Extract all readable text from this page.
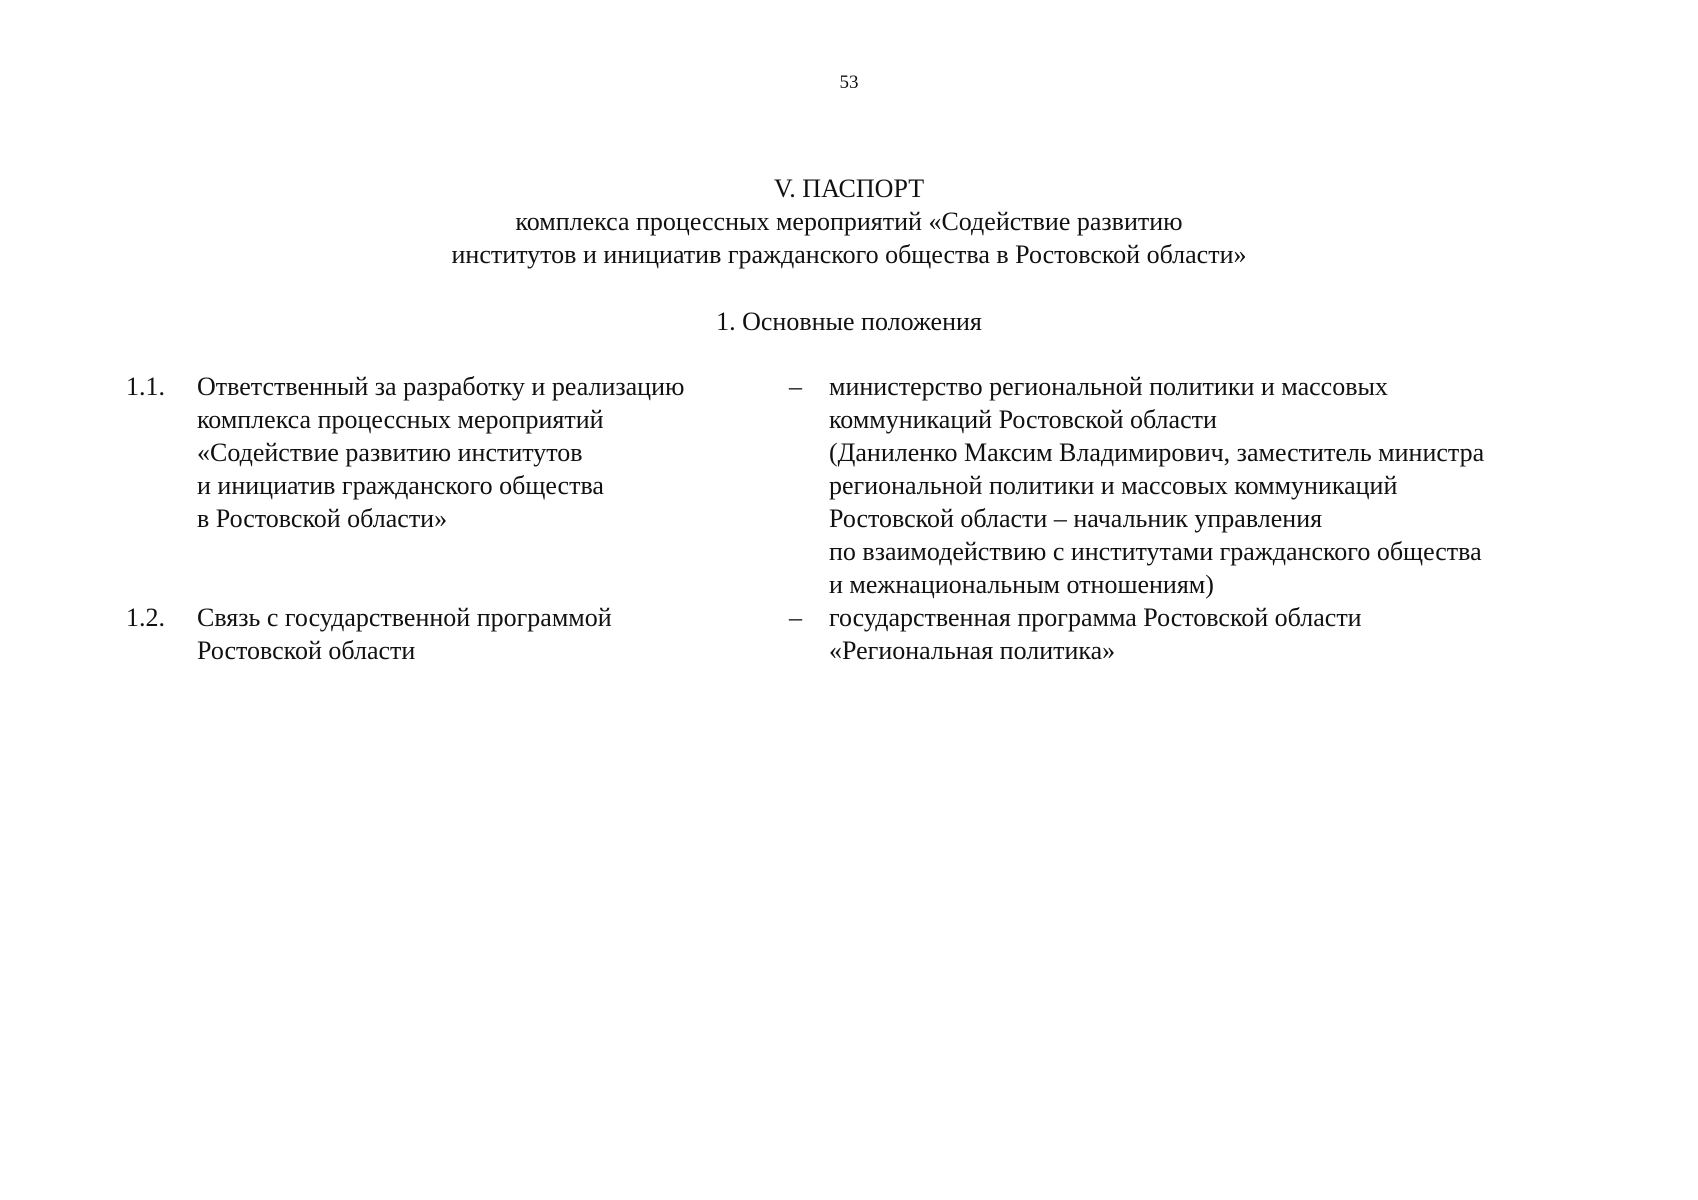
53
V. ПАСПОРТ
комплекса процессных мероприятий «Содействие развитию
институтов и инициатив гражданского общества в Ростовской области»
1. Основные положения
1.1. Ответственный за разработку и реализацию
комплекса процессных мероприятий
«Содействие развитию институтов
и инициатив гражданского общества
в Ростовской области»
– министерство региональной политики и массовых
коммуникаций Ростовской области
(Даниленко Максим Владимирович, заместитель министра
региональной политики и массовых коммуникаций
Ростовской области – начальник управления
по взаимодействию с институтами гражданского общества
и межнациональным отношениям)
1.2. Связь с государственной программой
Ростовской области
– государственная программа Ростовской области
«Региональная политика»
